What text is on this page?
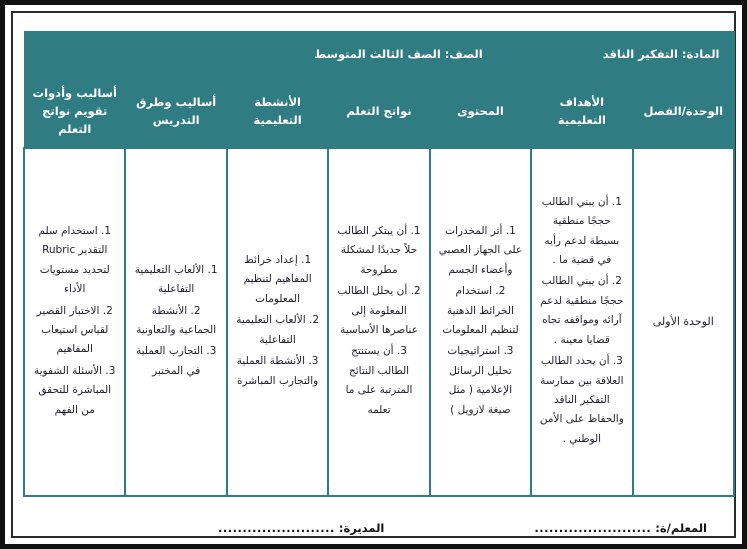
المادة: التفكير الناقد
الصف: الصف الثالث المتوسط						

الوحدة/الفصل	الأهداف التعليمية	المحتوى	نواتج التعلم	الأنشطة التعليمية	أساليب وطرق التدريس	أساليب وأدوات تقويم نواتج التعلم
الوحدة الأولى	
1. أن يبني الطالب حججًا منطقية بسيطة لدعم رأيه في قضية ما .
2. أن يبني الطالب حججًا منطقية لدعم آرائه ومواقفه تجاه قضايا معينة .
3. أن يحدد الطالب العلاقة بين ممارسة التفكير الناقد والحفاظ على الأمن الوطني .

1. أثر المخدرات على الجهاز العصبي وأعضاء الجسم
2. استخدام الخرائط الذهنية لتنظيم المعلومات
3. استراتيجيات تحليل الرسائل الإعلامية ( مثل صيغة لازويل )

1. أن يبتكر الطالب حلاً جديدًا لمشكلة مطروحة
2. أن يحلل الطالب المعلومة إلى عناصرها الأساسية
3. أن يستنتج الطالب النتائج المترتبة على ما تعلمه

1. إعداد خرائط المفاهيم لتنظيم المعلومات
2. الألعاب التعليمية التفاعلية
3. الأنشطة العملية والتجارب المباشرة

1. الألعاب التعليمية التفاعلية
2. الأنشطة الجماعية والتعاونية
3. التجارب العملية في المختبر

1. استخدام سلم التقدير Rubric لتحديد مستويات الأداء
2. الاختبار القصير لقياس استيعاب المفاهيم
3. الأسئلة الشفوية المباشرة للتحقق من الفهم
المعلم/ة:
........................
المديرة:
........................
